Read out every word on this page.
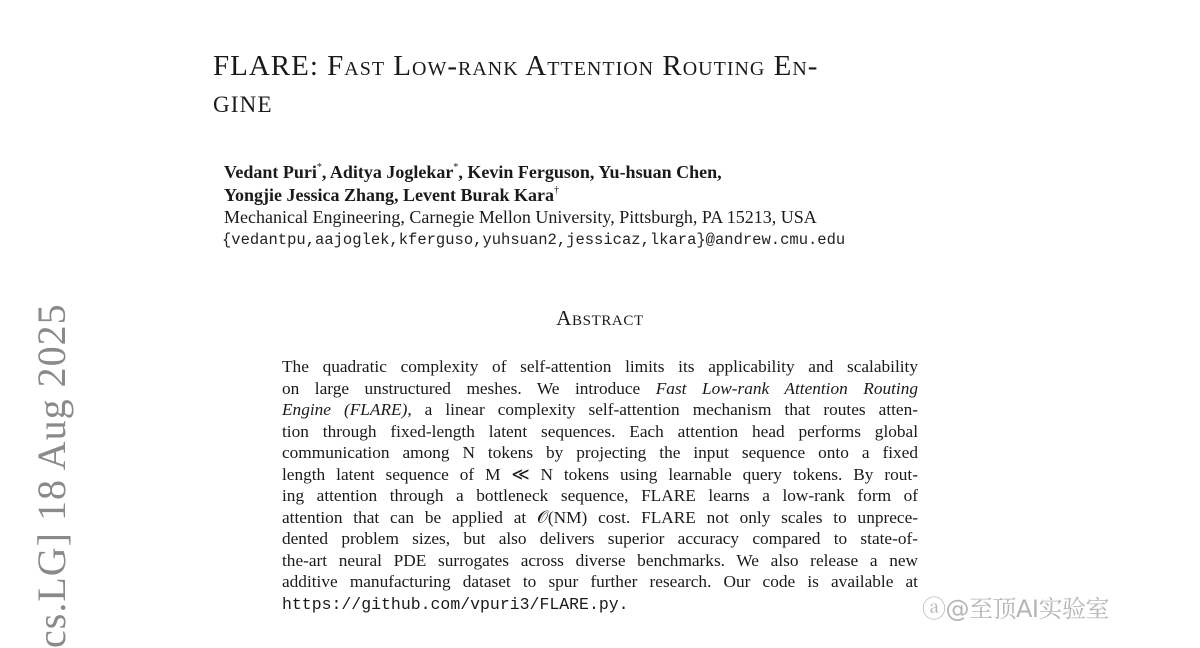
FLARE: Fast Low-rank Attention Routing En-
GINE
Vedant Puri*, Aditya Joglekar*, Kevin Ferguson, Yu-hsuan Chen,
Yongjie Jessica Zhang, Levent Burak Kara†
Mechanical Engineering, Carnegie Mellon University, Pittsburgh, PA 15213, USA
{vedantpu,aajoglek,kferguso,yuhsuan2,jessicaz,lkara}@andrew.cmu.edu
Abstract
The quadratic complexity of self-attention limits its applicability and scalability
on large unstructured meshes. We introduce Fast Low-rank Attention Routing
Engine (FLARE), a linear complexity self-attention mechanism that routes atten-
tion through fixed-length latent sequences. Each attention head performs global
communication among N tokens by projecting the input sequence onto a fixed
length latent sequence of M ≪ N tokens using learnable query tokens. By rout-
ing attention through a bottleneck sequence, FLARE learns a low-rank form of
attention that can be applied at 𝒪(NM) cost. FLARE not only scales to unprece-
dented problem sizes, but also delivers superior accuracy compared to state-of-
the-art neural PDE surrogates across diverse benchmarks. We also release a new
additive manufacturing dataset to spur further research. Our code is available at
https://github.com/vpuri3/FLARE.py.
cs.LG] 18 Aug 2025	ⓐ@至顶AI实验室
